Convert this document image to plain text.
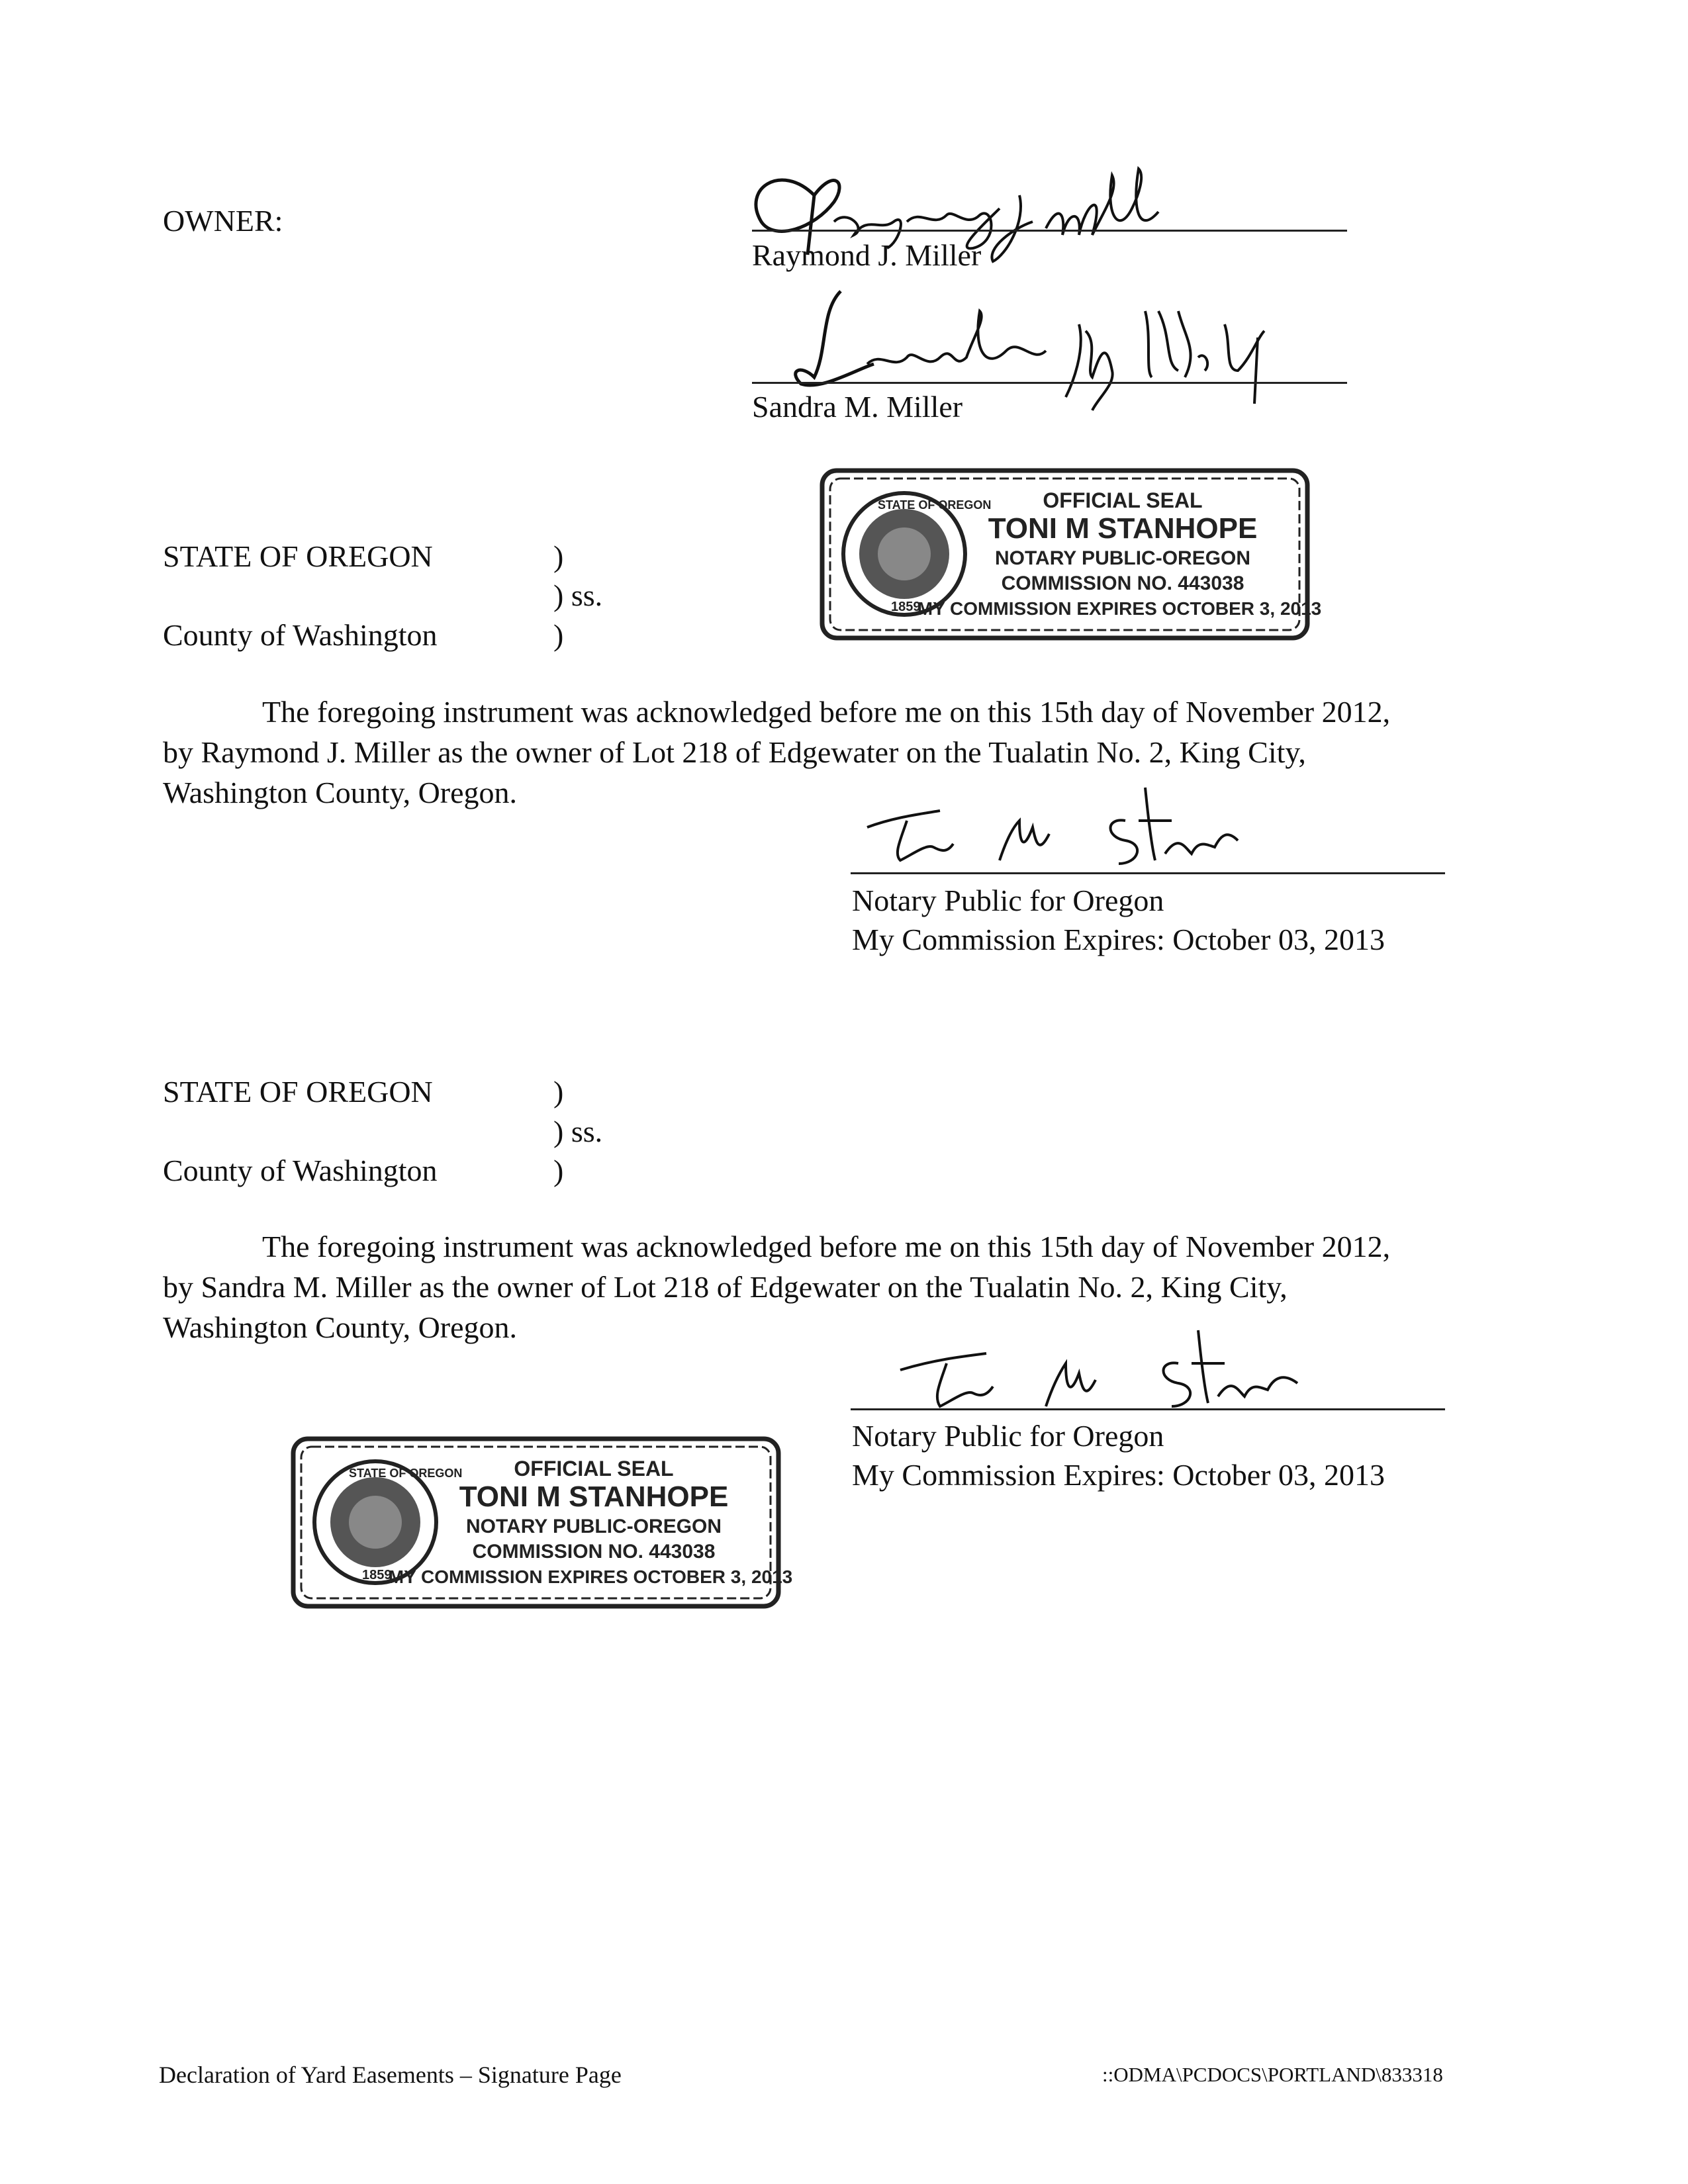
OWNER:
Raymond J. Miller
Sandra M. Miller
STATE OF OREGON
1859
OFFICIAL SEAL
TONI M STANHOPE
NOTARY PUBLIC-OREGON
COMMISSION NO. 443038
MY COMMISSION EXPIRES OCTOBER 3, 2013
STATE OF OREGON	)
) ss.
County of Washington	)

The foregoing instrument was acknowledged before me on this 15th day of November 2012,

by Raymond J. Miller as the owner of Lot 218 of Edgewater on the Tualatin No. 2, King City,

Washington County, Oregon.

Notary Public for Oregon
My Commission Expires: October 03, 2013
STATE OF OREGON	)
) ss.
County of Washington	)

The foregoing instrument was acknowledged before me on this 15th day of November 2012,

by Sandra M. Miller as the owner of Lot 218 of Edgewater on the Tualatin No. 2, King City,

Washington County, Oregon.

Notary Public for Oregon
My Commission Expires: October 03, 2013
STATE OF OREGON
1859
OFFICIAL SEAL
TONI M STANHOPE
NOTARY PUBLIC-OREGON
COMMISSION NO. 443038
MY COMMISSION EXPIRES OCTOBER 3, 2013
Declaration of Yard Easements – Signature Page	::ODMA\PCDOCS\PORTLAND\833318
